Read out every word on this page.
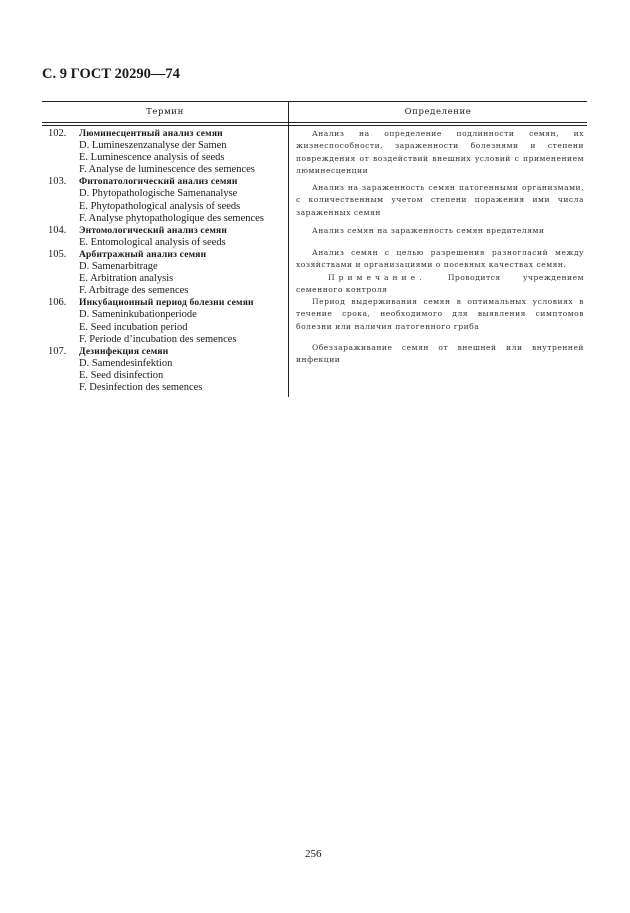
С. 9 ГОСТ 20290—74
Термин	Определение
102. Люминесцентный анализ семян
D. Lumineszenzanalyse der Samen
E. Luminescence analysis of seeds
F. Analyse de luminescence des semences
103. Фитопатологический анализ семян
D. Phytopathologische Samenanalyse
E. Phytopathological analysis of seeds
F. Analyse phytopathologique des semences
104. Энтомологический анализ семян
E. Entomological analysis of seeds
105. Арбитражный анализ семян
D. Samenarbitrage
E. Arbitration analysis
F. Arbitrage des semences
106. Инкубационный период болезни семян
D. Sameninkubationperiode
E. Seed incubation period
F. Periode d’incubation des semences
107. Дезинфекция семян
D. Samendesinfektion
E. Seed disinfection
F. Desinfection des semences
Анализ на определение подлинности семян, их жизнеспособности, зараженности болезнями и степени повреждения от воздействий внешних условий с применением люминесценции
Анализ на зараженность семян патогенными организмами, с количественным учетом степени поражения ими числа зараженных семян
Анализ семян на зараженность семян вредителями
Анализ семян с целью разрешения разногласий между хозяйствами и организациями о посевных качествах семян.
Примечание.	Проводится учреждением семенного контроля
Период выдерживания семян в оптимальных условиях в течение срока, необходимого для выявления симптомов болезни или наличия патогенного гриба
Обеззараживание семян от внешней или внутренней инфекции
256
